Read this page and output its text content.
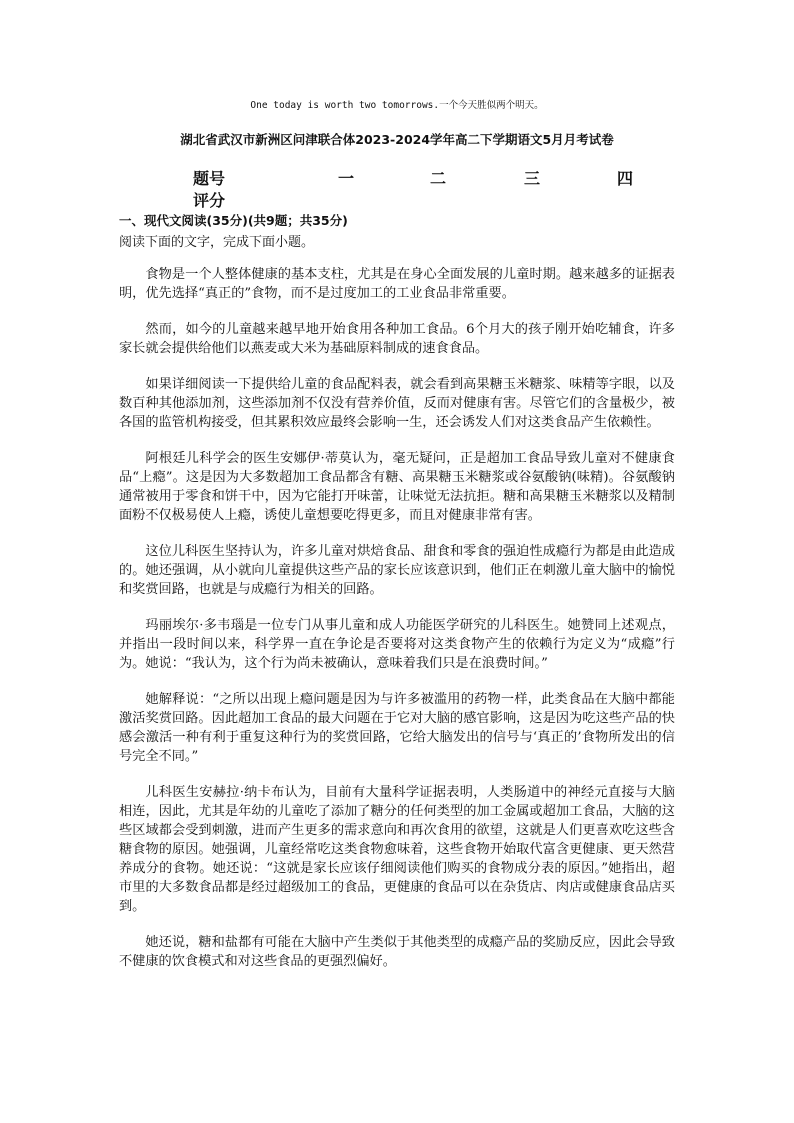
One today is worth two tomorrows.一个今天胜似两个明天。
湖北省武汉市新洲区问津联合体2023-2024学年高二下学期语文5月月考试卷
题号	一	二	三	四
评分
一、现代文阅读(35分)(共9题；共35分)
阅读下面的文字，完成下面小题。

食物是一个人整体健康的基本支柱，尤其是在身心全面发展的儿童时期。越来越多的证据表明，优先选择“真正的”食物，而不是过度加工的工业食品非常重要。

然而，如今的儿童越来越早地开始食用各种加工食品。6个月大的孩子刚开始吃辅食，许多家长就会提供给他们以燕麦或大米为基础原料制成的速食食品。

如果详细阅读一下提供给儿童的食品配料表，就会看到高果糖玉米糖浆、味精等字眼，以及数百种其他添加剂，这些添加剂不仅没有营养价值，反而对健康有害。尽管它们的含量极少，被各国的监管机构接受，但其累积效应最终会影响一生，还会诱发人们对这类食品产生依赖性。

阿根廷儿科学会的医生安娜伊·蒂莫认为，毫无疑问，正是超加工食品导致儿童对不健康食品“上瘾”。这是因为大多数超加工食品都含有糖、高果糖玉米糖浆或谷氨酸钠(味精)。谷氨酸钠通常被用于零食和饼干中，因为它能打开味蕾，让味觉无法抗拒。糖和高果糖玉米糖浆以及精制面粉不仅极易使人上瘾，诱使儿童想要吃得更多，而且对健康非常有害。

这位儿科医生坚持认为，许多儿童对烘焙食品、甜食和零食的强迫性成瘾行为都是由此造成的。她还强调，从小就向儿童提供这些产品的家长应该意识到，他们正在刺激儿童大脑中的愉悦和奖赏回路，也就是与成瘾行为相关的回路。

玛丽埃尔·多韦瑙是一位专门从事儿童和成人功能医学研究的儿科医生。她赞同上述观点，并指出一段时间以来，科学界一直在争论是否要将对这类食物产生的依赖行为定义为“成瘾”行为。她说：“我认为，这个行为尚未被确认，意味着我们只是在浪费时间。”

她解释说：“之所以出现上瘾问题是因为与许多被滥用的药物一样，此类食品在大脑中都能激活奖赏回路。因此超加工食品的最大问题在于它对大脑的感官影响，这是因为吃这些产品的快感会激活一种有利于重复这种行为的奖赏回路，它给大脑发出的信号与‘真正的’食物所发出的信号完全不同。”

儿科医生安赫拉·纳卡布认为，目前有大量科学证据表明，人类肠道中的神经元直接与大脑相连，因此，尤其是年幼的儿童吃了添加了糖分的任何类型的加工金属或超加工食品，大脑的这些区域都会受到刺激，进而产生更多的需求意向和再次食用的欲望，这就是人们更喜欢吃这些含糖食物的原因。她强调，儿童经常吃这类食物愈味着，这些食物开始取代富含更健康、更天然营养成分的食物。她还说：“这就是家长应该仔细阅读他们购买的食物成分表的原因。”她指出，超市里的大多数食品都是经过超级加工的食品，更健康的食品可以在杂货店、肉店或健康食品店买到。

她还说，糖和盐都有可能在大脑中产生类似于其他类型的成瘾产品的奖励反应，因此会导致不健康的饮食模式和对这些食品的更强烈偏好。
